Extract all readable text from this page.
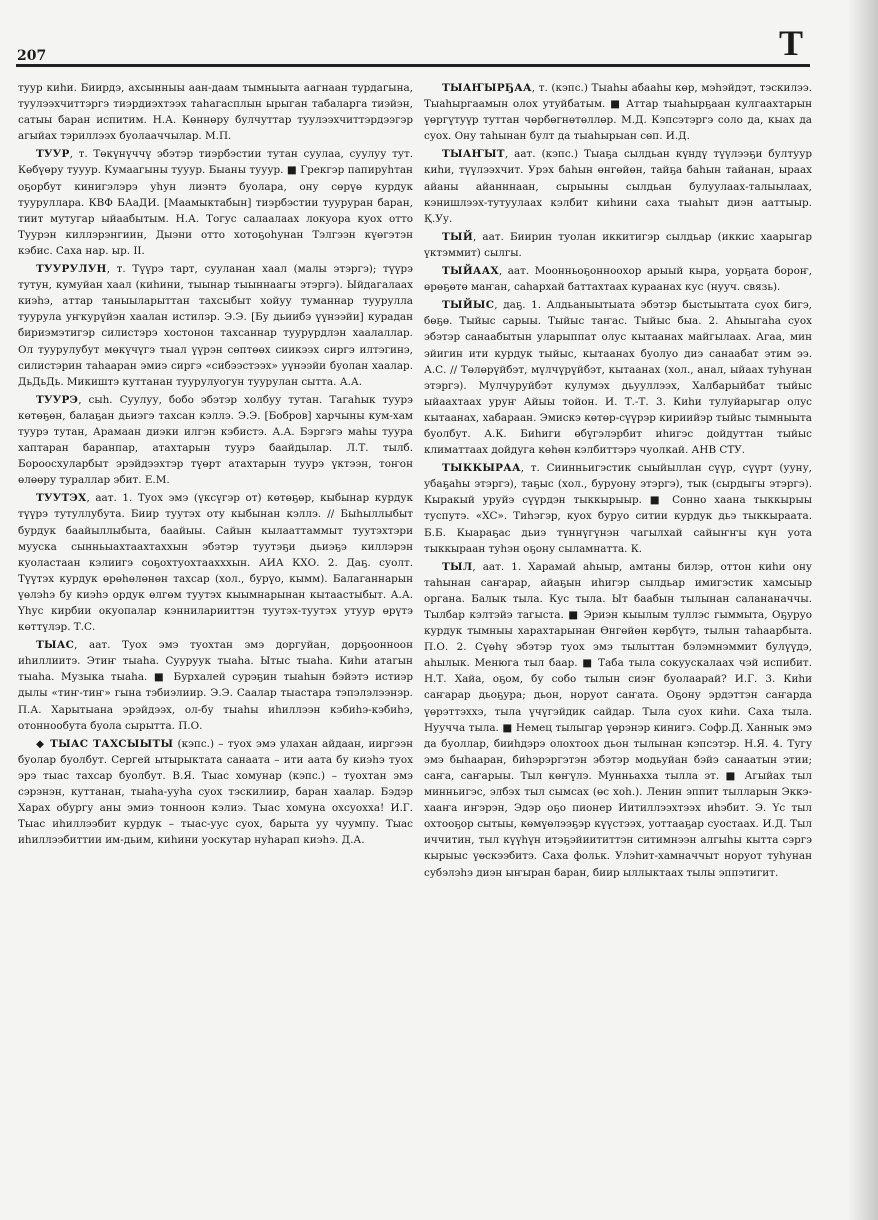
207	Т

туур киhи. Биирдэ, ахсынныы аан-даам тымныыта аагнаан турдагына, туулээхчиттэргэ тиэрдиэхтээх таhагасплын ырыган табаларга тиэйэн, сатыы баран испитим. Н.А. Көннөру булчуттар туулээхчиттэрдээгэр агыйах тэриллээх буолааччылар. М.П.

ТУУР, т. Төкүнүччү эбэтэр тиэрбэстии тутан суулаа, суулуу тут. Көбүөру тууур. Кумаагыны тууур. Быаны тууур. ■ Грекгэр папируhтан оҕорбут кинигэлэрэ уhун лиэнтэ буолара, ону сөрүө курдук тууруллара. КВФ БАаДИ. [Маамыктабын] тиэрбэстии тууруран баран, тиит мутугар ыйаабытым. Н.А. Тогус салаалаах локуора куох отто Туурэн киллэрэнгиин, Дыэни отто хотоҕоhунан Тэлгээн күөгэтэн кэбис. Саха нар. ыр. II.

ТУУРУЛУН, т. Түүрэ тарт, сууланан хаал (малы этэргэ); түүрэ тутун, кумуйан хаал (киhини, тыынар тыыннаагы этэргэ). Ыйдагалаах киэhэ, аттар таныыларыттан тахсыбыт хойуу туманнар туурулла туурула уҥкурүйэн хаалан истилэр. Э.Э. [Бу дьиибэ үүнээйи] курадан бириэмэтигэр силистэрэ хостонон тахсаннар туурурдлэн хаалаллар. Ол туурулубут мөкүчүгэ тыал үүрэн сөптөөх сиикээх сиргэ илтэгинэ, силистэрин таhааран эмиэ сиргэ «сибээстээх» уүнээйи буолан хаалар. ДьДьДь. Микиштэ куттанан туурулуогун туурулан сытта. А.А.

ТУУРЭ, сыh. Суулуу, бобо эбэтэр холбуу тутан. Тагаhык туурэ көтөҕөн, балаҕан дьиэгэ тахсан кэллэ. Э.Э. [Бобров] харчыны кум-хам туурэ тутан, Арамаан диэки илгэн кэбистэ. А.А. Бэргэгэ маhы туура хаптаран баранпар, атахтарын туурэ баайдылар. Л.Т. тылб. Бороосхуларбыт эрэйдээхтэр түөрт атахтарын туурэ үктээн, тоҥон өлөөру тураллар эбит. Е.М.

ТУУТЭХ, аат. 1. Туох эмэ (үксүгэр от) көтөҕөр, кыбынар курдук түүрэ тутуллубута. Биир туутэх оту кыбынан кэллэ. // Быhыллыбыт бурдук баайыллыбыта, баайыы. Сайын кылааттаммыт туутэхтэри мууска сынньыахтаахтаххын эбэтэр туутэҕи дьиэҕэ киллэрэн куоластаан кэлиигэ соҕохтуохтаахххын. АИА КХО. 2. Даҕ. суолт. Түүтэх курдук өрөhөлөнөн тахсар (хол., бурүо, кымм). Балаганнарын үөлэhэ бу киэhэ ордук өлгөм туутэх кыымнарынан кытаастыбыт. А.А. Үhус кирбии окуопалар кэнниларииттэн туутэх-туутэх утуур өрүтэ көттүлэр. Т.С.

ТЫАС, аат. Туох эмэ туохтан эмэ доргуйан, дорҕоонноон иhиллиитэ. Этиҥ тыаhа. Сууруук тыаhа. Ытыс тыаhа. Киhи атагын тыаhа. Музыка тыаhа. ■ Бурхалей сурэҕин тыаhын бэйэтэ истиэр дылы «тиҥ-тиҥ» гына тэбиэлиир. Э.Э. Саалар тыастара тэпэлэлээнэр. П.А. Харытыана эрэйдээх, ол-бу тыаhы иhиллээн кэбиhэ-кэбиhэ, отоннообута буола сырытта. П.О.

◆ ТЫАС ТАХСЫЫТЫ (кэпс.) – туох эмэ улахан айдаан, ииргээн буолар буолбут. Сергей ытырыктата санаата – ити аата бу киэhэ туох эрэ тыас тахсар буолбут. В.Я. Тыас хомунар (кэпс.) – туохтан эмэ сэрэнэн, куттанан, тыаhа-ууhа суох тэскилиир, баран хаалар. Бэдэр Харах обургу аны эмиэ тонноон кэлиэ. Тыас хомуна охсуохха! И.Г. Тыас иhиллээбит курдук – тыас-уус суох, барыта уу чуумпу. Тыас иhиллээбиттии им-дьим, киhини уоскутар нуhарап киэhэ. Д.А.

ТЫАҤЫРҔАА, т. (кэпс.) Тыаhы абааhы көр, мэhэйдэт, тэскилээ. Тыаhыргаамын олох утуйбатым. ■ Аттар тыаhырҕаан кулгаахтарын үөргүтуүр туттан чөрбөгнөтөллөр. М.Д. Кэпсэтэргэ соло да, кыах да суох. Ону таhынан булт да тыаhырыан сөп. И.Д.

ТЫАҤЫТ, аат. (кэпс.) Тыаҕа сылдьан күндү түүлээҕи бултуур киhи, түүлээхчит. Урэх баhын өнгөйөн, тайҕа баhын тайанан, ыраах айаны айанннаан, сырыыны сылдьан булуулаах-талыылаах, кэнишлээх-тутуулаах кэлбит киhини саха тыаhыт диэн ааттыыр. Қ.Уу.

ТЫЙ, аат. Биирин туолан иккитигэр сылдьар (иккис хаарыгар үктэммит) сылгы.

ТЫЙААХ, аат. Моонньоҕонноохор арыый кыра, уорҕата бороҥ, өрөҕөтө маҥан, саhархай баттахтаах кураанах кус (нууч. связь).

ТЫЙЫС, даҕ. 1. Алдьаныытыата эбэтэр быстыытата суох бигэ, бөҕө. Тыйыс сарыы. Тыйыс таҥас. Тыйыс быа. 2. Аhыыгаhа суох эбэтэр санаабытын уларыппат олус кытаанах майгылаах. Агаа, мин эйигин ити курдук тыйыс, кытаанах буолуо диэ санаабат этим ээ. А.С. // Төлөрүйбэт, мүлчүрүйбэт, кытаанах (хол., анал, ыйаах туhунан этэргэ). Мулчуруйбэт кулумэх дьууллээх, Халбарыйбат тыйыс ыйаахтаах уруҥ Айыы тойон. И. Т.-Т. 3. Киhи тулуйарыгар олус кытаанах, хабараан. Эмискэ көтөр-сүүрэр кириийэр тыйыс тымныыта буолбут. А.К. Биhиги өбүгэлэрбит иhигэс дойдуттан тыйыс климаттаах дойдуга көhөн кэлбиттэрэ чуолкай. АНВ СТУ.

ТЫККЫРАА, т. Сиинньигэстик сыыйыллан сүүр, сүүрт (ууну, убаҕаhы этэргэ), таҕыс (хол., буруону этэргэ), тык (сырдыгы этэргэ). Кыракый уруйэ сүүрдэн тыккырыыр. ■ Сонно хаана тыккырыы туспутэ. «ХС». Тиhэгэр, куох буруо ситии курдук дьэ тыккыраата. Б.Б. Кыараҕас дьиэ түннүгүнэн чагылхай сайыҥҥы күн уота тыккыраан туhэн оҕону сыламнатта. К.

ТЫЛ, аат. 1. Харамай аhыыр, амтаны билэр, оттон киhи ону таhынан саҥарар, айаҕын иhигэр сылдьар имигэстик хамсыыр органа. Балык тыла. Кус тыла. Ыт баабын тылынан салананаччы. Тылбар кэлтэйэ тагыста. ■ Эриэн кыылым туллэс гыммыта, Оҕуруо курдук тымныы харахтарынан Өнгөйөн көрбүтэ, тылын таhаарбыта. П.О. 2. Сүөhү эбэтэр туох эмэ тылыттан бэлэмнэммит булүүдэ, аhылык. Менюга тыл баар. ■ Таба тыла сокуускалаах чэй испибит. Н.Т. Хайа, оҕом, бу собо тылын сиэҥ буолаарай? И.Г. 3. Киhи саҥарар дьоҕура; дьон, норуот саҥата. Оҕону эрдэттэн саҥарда үөрэттэххэ, тыла үчүгэйдик сайдар. Тыла суох киhи. Саха тыла. Нууччa тыла. ■ Немец тылыгар үөрэнэр кинигэ. Софр.Д. Ханнык эмэ да буоллар, бииhдэрэ олохтоох дьон тылынан кэпсэтэр. Н.Я. 4. Тугу эмэ быhааран, биhэрэргэтэн эбэтэр модьуйан бэйэ санаатын этии; саҥа, саҥарыы. Тыл көҥүлэ. Мунньахха тылла эт. ■ Агыйах тыл минньигэс, элбэх тыл сымсах (өс хоh.). Ленин эппит тылларын Эккэ-хааҥа иҥэрэн, Эдэр оҕо пионер Иитиллээхтээх иhэбит. Э. Үс тыл охтооҕор сытыы, көмүөлээҕэр күүстээх, уоттааҕар суостаах. И.Д. Тыл иччитин, тыл күүhүн итэҕэйиититтэн ситимнээн алгыhы кытта сэргэ кырыыс үөскээбитэ. Саха фольк. Улэhит-хамначчыт норуот туhунан субэлэhэ диэн ыҥыран баран, биир ыллыктаах тылы эппэтигит.
